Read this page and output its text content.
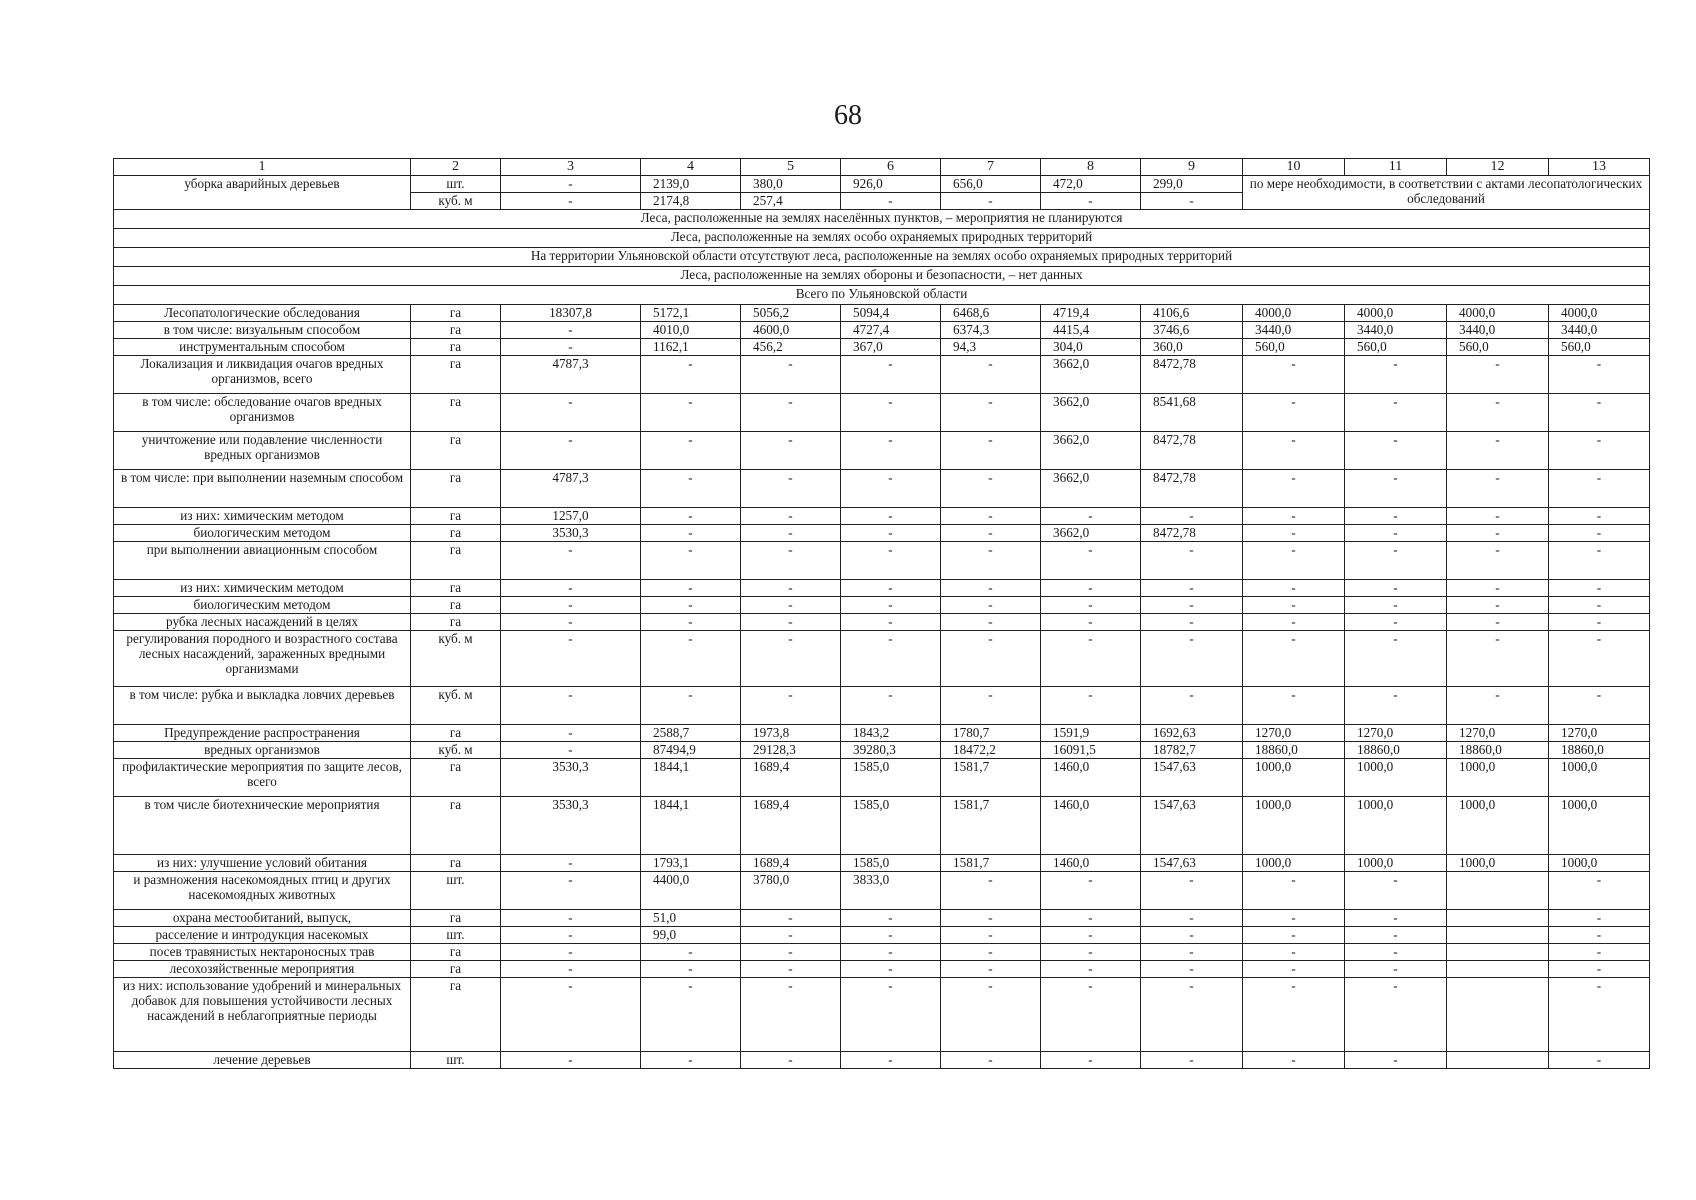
68
1	2	3	4	5	6	7	8	9	10	11	12	13
уборка аварийных деревьев	шт.	-	2139,0	380,0	926,0	656,0	472,0	299,0	по мере необходимости, в соответствии с актами лесопатологических обследований			
	куб. м	-	2174,8	257,4	-	-	-	-				
Леса, расположенные на землях населённых пунктов, – мероприятия не планируются												
Леса, расположенные на землях особо охраняемых природных территорий												
На территории Ульяновской области отсутствуют леса, расположенные на землях особо охраняемых природных территорий												
Леса, расположенные на землях обороны и безопасности, – нет данных												
Всего по Ульяновской области												
Лесопатологические обследования	га	18307,8	5172,1	5056,2	5094,4	6468,6	4719,4	4106,6	4000,0	4000,0	4000,0	4000,0
в том числе: визуальным способом	га	-	4010,0	4600,0	4727,4	6374,3	4415,4	3746,6	3440,0	3440,0	3440,0	3440,0
инструментальным способом	га	-	1162,1	456,2	367,0	94,3	304,0	360,0	560,0	560,0	560,0	560,0
Локализация и ликвидация очагов вредных организмов, всего	га	4787,3	-	-	-	-	3662,0	8472,78	-	-	-	-
в том числе: обследование очагов вредных организмов	га	-	-	-	-	-	3662,0	8541,68	-	-	-	-
уничтожение или подавление численности вредных организмов	га	-	-	-	-	-	3662,0	8472,78	-	-	-	-
в том числе: при выполнении наземным способом	га	4787,3	-	-	-	-	3662,0	8472,78	-	-	-	-
из них: химическим методом	га	1257,0	-	-	-	-	-	-	-	-	-	-
биологическим методом	га	3530,3	-	-	-	-	3662,0	8472,78	-	-	-	-
при выполнении авиационным способом	га	-	-	-	-	-	-	-	-	-	-	-
из них: химическим методом	га	-	-	-	-	-	-	-	-	-	-	-
биологическим методом	га	-	-	-	-	-	-	-	-	-	-	-
рубка лесных насаждений в целях	га	-	-	-	-	-	-	-	-	-	-	-
регулирования породного и возрастного состава лесных насаждений, зараженных вредными организмами	куб. м	-	-	-	-	-	-	-	-	-	-	-
в том числе: рубка и выкладка ловчих деревьев	куб. м	-	-	-	-	-	-	-	-	-	-	-
Предупреждение распространения	га	-	2588,7	1973,8	1843,2	1780,7	1591,9	1692,63	1270,0	1270,0	1270,0	1270,0
вредных организмов	куб. м	-	87494,9	29128,3	39280,3	18472,2	16091,5	18782,7	18860,0	18860,0	18860,0	18860,0
профилактические мероприятия по защите лесов, всего	га	3530,3	1844,1	1689,4	1585,0	1581,7	1460,0	1547,63	1000,0	1000,0	1000,0	1000,0
в том числе биотехнические мероприятия	га	3530,3	1844,1	1689,4	1585,0	1581,7	1460,0	1547,63	1000,0	1000,0	1000,0	1000,0
из них: улучшение условий обитания	га	-	1793,1	1689,4	1585,0	1581,7	1460,0	1547,63	1000,0	1000,0	1000,0	1000,0
и размножения насекомоядных птиц и других насекомоядных животных	шт.	-	4400,0	3780,0	3833,0	-	-	-	-	-		-
охрана местообитаний, выпуск,	га	-	51,0	-	-	-	-	-	-	-		-
расселение и интродукция насекомых	шт.	-	99,0	-	-	-	-	-	-	-		-
посев травянистых нектароносных трав	га	-	-	-	-	-	-	-	-	-		-
лесохозяйственные мероприятия	га	-	-	-	-	-	-	-	-	-		-
из них: использование удобрений и минеральных добавок для повышения устойчивости лесных насаждений в неблагоприятные периоды	га	-	-	-	-	-	-	-	-	-		-
лечение деревьев	шт.	-	-	-	-	-	-	-	-	-		-
